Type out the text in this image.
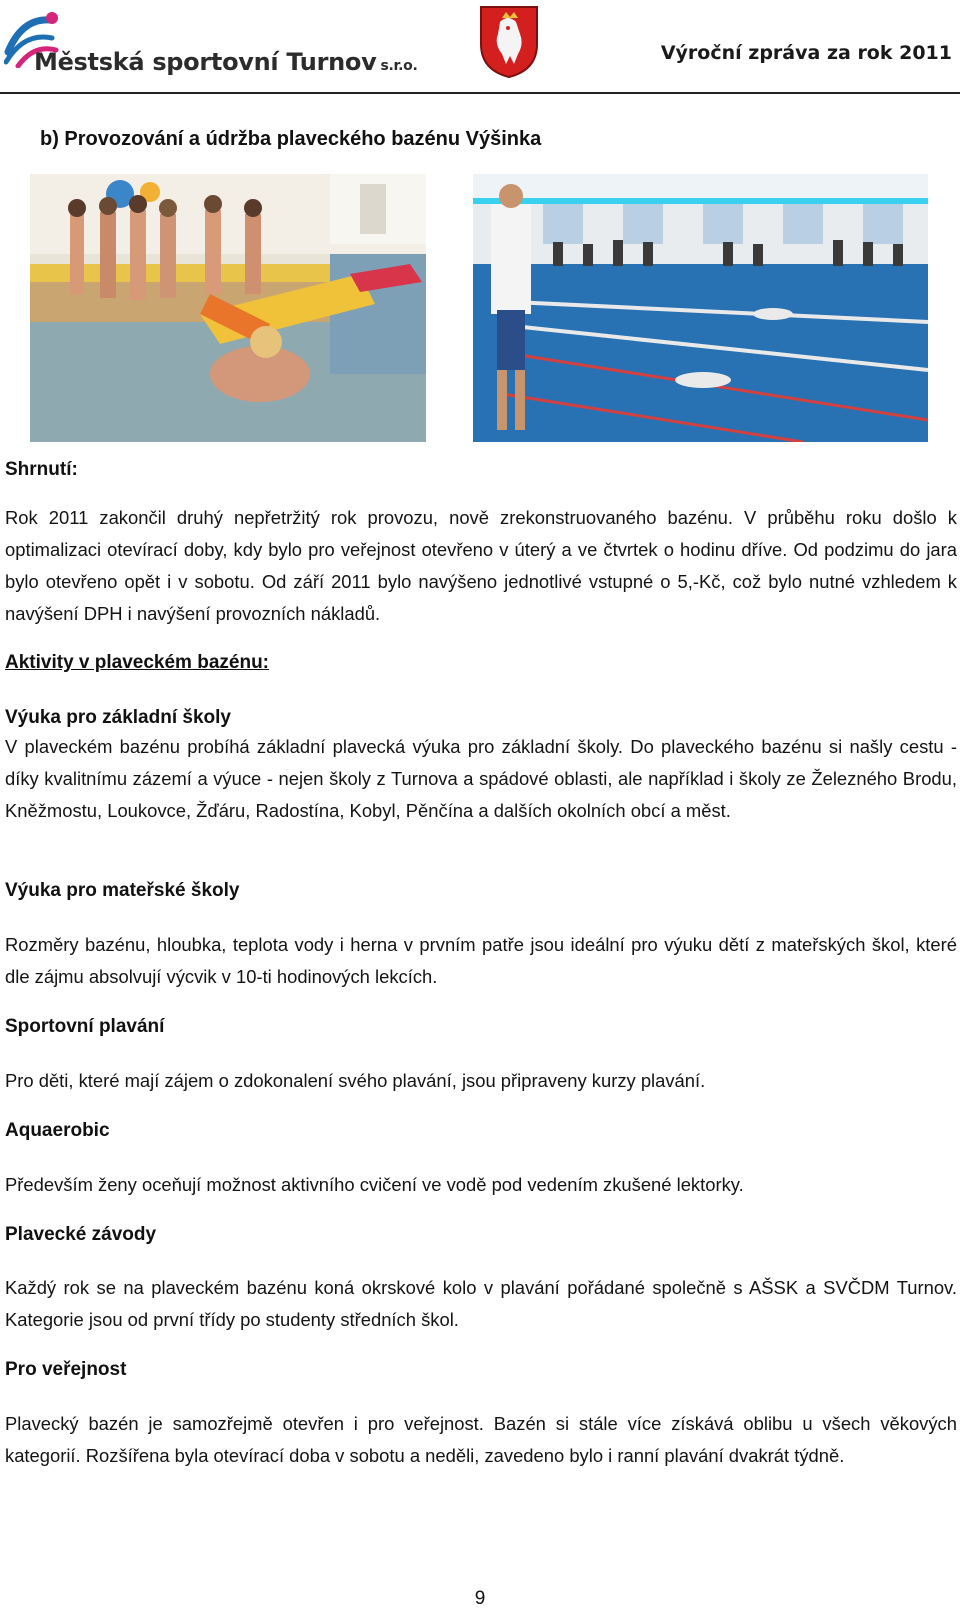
Městská sportovní Turnov s.r.o.
Výroční zpráva za rok 2011
b) Provozování a údržba plaveckého bazénu Výšinka
Shrnutí:
Rok 2011 zakončil druhý nepřetržitý rok provozu, nově zrekonstruovaného bazénu. V průběhu roku došlo k optimalizaci otevírací doby, kdy bylo pro veřejnost otevřeno v úterý a ve čtvrtek o hodinu dříve. Od podzimu do jara bylo otevřeno opět i v sobotu. Od září 2011 bylo navýšeno jednotlivé vstupné o 5,-Kč, což bylo nutné vzhledem k navýšení DPH i navýšení provozních nákladů.
Aktivity v plaveckém bazénu:
Výuka pro základní školy
V plaveckém bazénu probíhá základní plavecká výuka pro základní školy. Do plaveckého bazénu si našly cestu - díky kvalitnímu zázemí a výuce - nejen školy z Turnova a spádové oblasti, ale například i školy ze Železného Brodu, Kněžmostu, Loukovce, Žďáru, Radostína, Kobyl, Pěnčína a dalších okolních obcí a měst.
Výuka pro mateřské školy
Rozměry bazénu, hloubka, teplota vody i herna v prvním patře jsou ideální pro výuku dětí z mateřských škol, které dle zájmu absolvují výcvik v 10-ti hodinových lekcích.
Sportovní plavání
Pro děti, které mají zájem o zdokonalení svého plavání, jsou připraveny kurzy plavání.
Aquaerobic
Především ženy oceňují možnost aktivního cvičení ve vodě pod vedením zkušené lektorky.
Plavecké závody
Každý rok se na plaveckém bazénu koná okrskové kolo v plavání pořádané společně s AŠSK a SVČDM Turnov. Kategorie jsou od první třídy po studenty středních škol.
Pro veřejnost
Plavecký bazén je samozřejmě otevřen i pro veřejnost. Bazén si stále více získává oblibu u všech věkových kategorií. Rozšířena byla otevírací doba v sobotu a neděli, zavedeno bylo i ranní plavání dvakrát týdně.
9
